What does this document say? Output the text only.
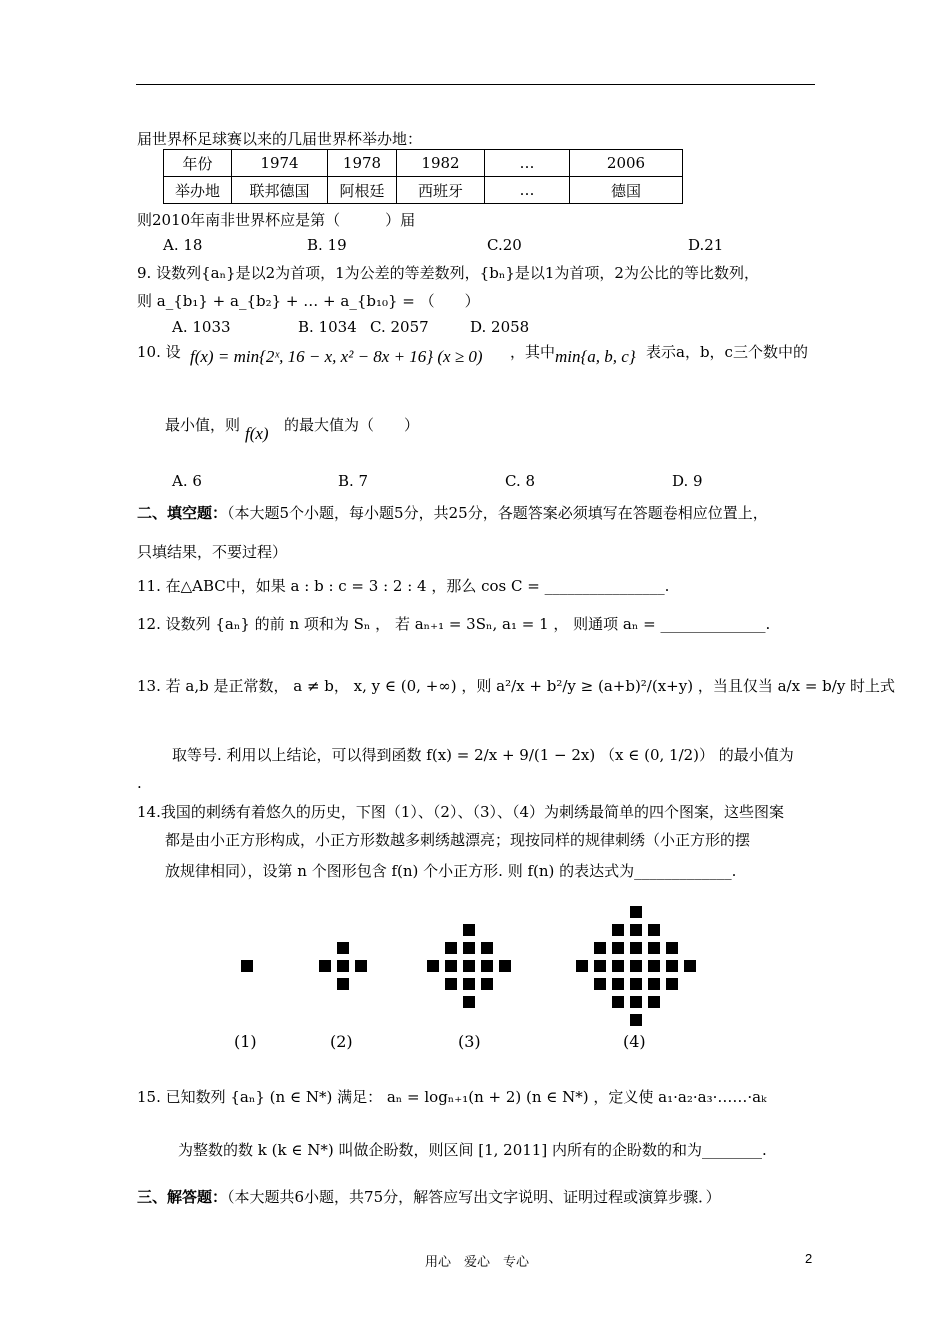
届世界杯足球赛以来的几届世界杯举办地：
年份	1974	1978	1982	…	2006
举办地	联邦德国	阿根廷	西班牙	…	德国
则2010年南非世界杯应是第（　　　）届
A. 18	B. 19	C.20	D.21
9. 设数列{aₙ}是以2为首项，1为公差的等差数列，{bₙ}是以1为首项，2为公比的等比数列，
则 a_{b₁} + a_{b₂} + … + a_{b₁₀} = （　　）
A. 1033	B. 1034 C. 2057	D. 2058
10. 设 f(x) = min{2ˣ, 16 − x, x² − 8x + 16} (x ≥ 0) ，其中 min{a, b, c} 表示a，b，c三个数中的
最小值，则 f(x) 的最大值为（　　）
A. 6	B. 7	C. 8	D. 9
二、填空题：（本大题5个小题，每小题5分，共25分，各题答案必须填写在答题卷相应位置上，
只填结果，不要过程）
11. 在△ABC中，如果 a : b : c = 3 : 2 : 4 ，那么 cos C = ________________.
12. 设数列 {aₙ} 的前 n 项和为 Sₙ ， 若 aₙ₊₁ = 3Sₙ, a₁ = 1 ， 则通项 aₙ = ______________.
13. 若 a,b 是正常数， a ≠ b， x, y ∈ (0, +∞) ，则 a²/x + b²/y ≥ (a+b)²/(x+y) ，当且仅当 a/x = b/y 时上式
取等号. 利用以上结论，可以得到函数 f(x) = 2/x + 9/(1 − 2x) （x ∈ (0, 1/2)） 的最小值为
.
14.我国的刺绣有着悠久的历史，下图（1）、（2）、（3）、（4）为刺绣最简单的四个图案，这些图案
都是由小正方形构成，小正方形数越多刺绣越漂亮；现按同样的规律刺绣（小正方形的摆
放规律相同），设第 n 个图形包含 f(n) 个小正方形. 则 f(n) 的表达式为_____________.
(1)	(2)	(3)	(4)
15. 已知数列 {aₙ} (n ∈ N*) 满足： aₙ = logₙ₊₁(n + 2) (n ∈ N*) ，定义使 a₁·a₂·a₃·……·aₖ
为整数的数 k (k ∈ N*) 叫做企盼数，则区间 [1, 2011] 内所有的企盼数的和为________.
三、解答题：（本大题共6小题，共75分，解答应写出文字说明、证明过程或演算步骤．）
用心　爱心　专心	2
